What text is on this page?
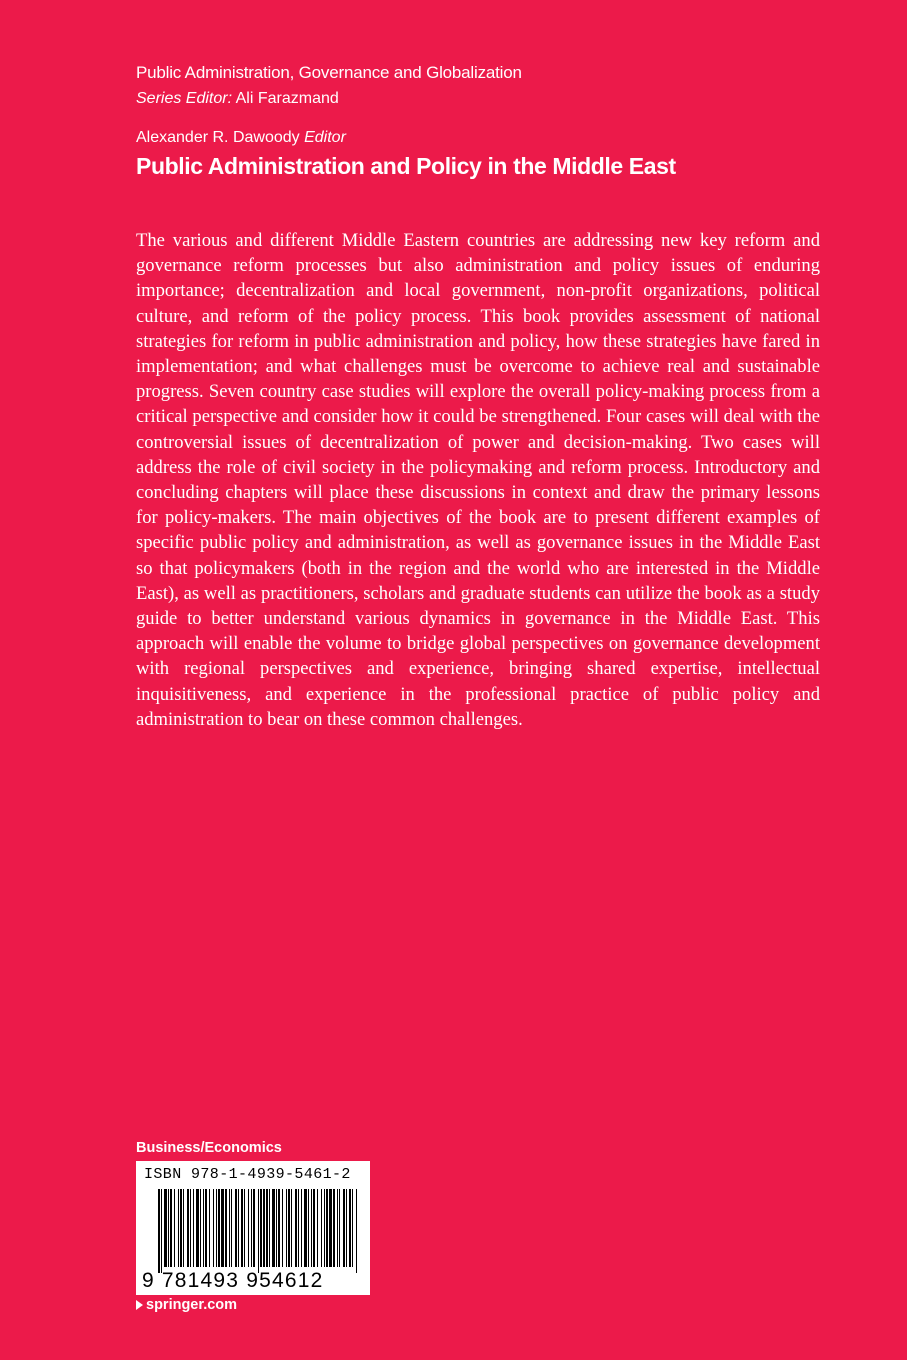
Public Administration, Governance and Globalization
Series Editor: Ali Farazmand
Alexander R. Dawoody Editor
Public Administration and Policy in the Middle East

The various and different Middle Eastern countries are addressing new key reform and governance reform processes but also administration and policy issues of enduring importance; decentralization and local government, non-profit organizations, political culture, and reform of the policy process. This book provides assessment of national strategies for reform in public administration and policy, how these strategies have fared in implementation; and what challenges must be overcome to achieve real and sustainable progress. Seven country case studies will explore the overall policy-making process from a critical perspective and consider how it could be strengthened. Four cases will deal with the controversial issues of decentralization of power and decision-making. Two cases will address the role of civil society in the policymaking and reform process. Introductory and concluding chapters will place these discussions in context and draw the primary lessons for policy-makers. The main objectives of the book are to present different examples of specific public policy and administration, as well as governance issues in the Middle East so that policymakers (both in the region and the world who are interested in the Middle East), as well as practitioners, scholars and graduate students can utilize the book as a study guide to better understand various dynamics in governance in the Middle East. This approach will enable the volume to bridge global perspectives on governance development with regional perspectives and experience, bringing shared expertise, intellectual inquisitiveness, and experience in the professional practice of public policy and administration to bear on these common challenges.

Business/Economics
ISBN 978-1-4939-5461-2
9 781493 954612
springer.com
